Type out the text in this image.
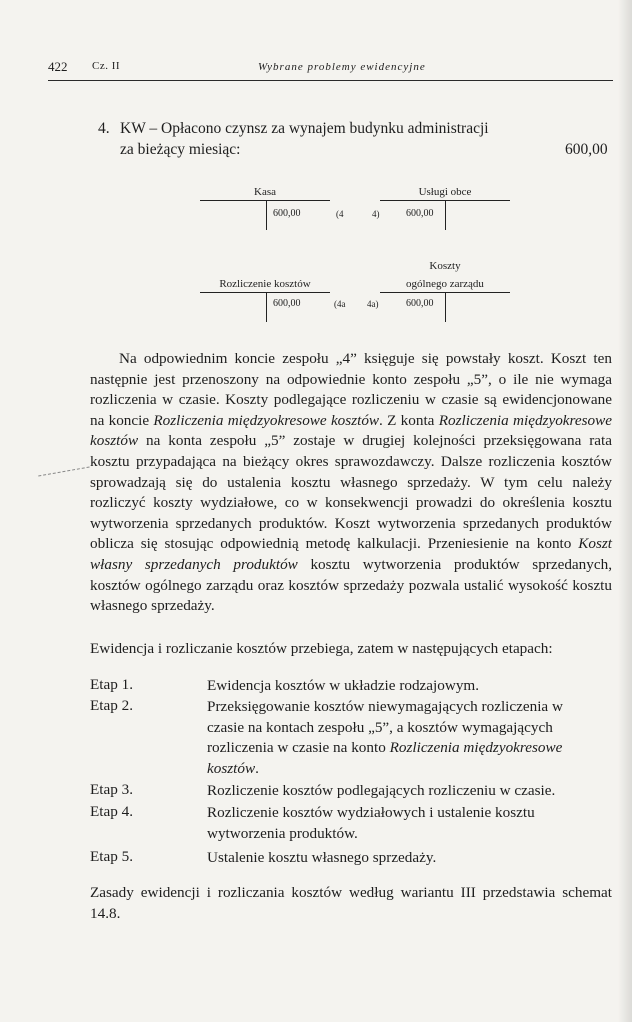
422 Cz. II	Wybrane problemy ewidencyjne
4. KW – Opłacono czynsz za wynajem budynku administracji
za bieżący miesiąc:	600,00
Kasa
600,00	(4
Usługi obce
4)	600,00
Rozliczenie kosztów
600,00	(4a
Koszty
ogólnego zarządu
4a)	600,00

Na odpowiednim koncie zespołu „4” księguje się powstały koszt. Koszt ten następnie jest przenoszony na odpowiednie konto zespołu „5”, o ile nie wymaga rozliczenia w czasie. Koszty podlegające rozliczeniu w czasie są ewidencjonowane na koncie Rozliczenia międzyokresowe kosztów. Z konta Rozliczenia międzyokresowe kosztów na konta zespołu „5” zostaje w drugiej kolejności przeksięgowana rata kosztu przypadająca na bieżący okres sprawozdawczy. Dalsze rozliczenia kosztów sprowadzają się do ustalenia kosztu własnego sprzedaży. W tym celu należy rozliczyć koszty wydziałowe, co w konsekwencji prowadzi do określenia kosztu wytworzenia sprzedanych produktów. Koszt wytworzenia sprzedanych produktów oblicza się stosując odpowiednią metodę kalkulacji. Przeniesienie na konto Koszt własny sprzedanych produktów kosztu wytworzenia produktów sprzedanych, kosztów ogólnego zarządu oraz kosztów sprzedaży pozwala ustalić wysokość kosztu własnego sprzedaży.

Ewidencja i rozliczanie kosztów przebiega, zatem w następujących etapach:
Etap 1.	Ewidencja kosztów w układzie rodzajowym.
Etap 2.	Przeksięgowanie kosztów niewymagających rozliczenia w czasie na kontach zespołu „5”, a kosztów wymagających rozliczenia w czasie na konto Rozliczenia międzyokresowe kosztów.
Etap 3.	Rozliczenie kosztów podlegających rozliczeniu w czasie.
Etap 4.	Rozliczenie kosztów wydziałowych i ustalenie kosztu wytworzenia produktów.
Etap 5.	Ustalenie kosztu własnego sprzedaży.
Zasady ewidencji i rozliczania kosztów według wariantu III przedstawia schemat 14.8.
